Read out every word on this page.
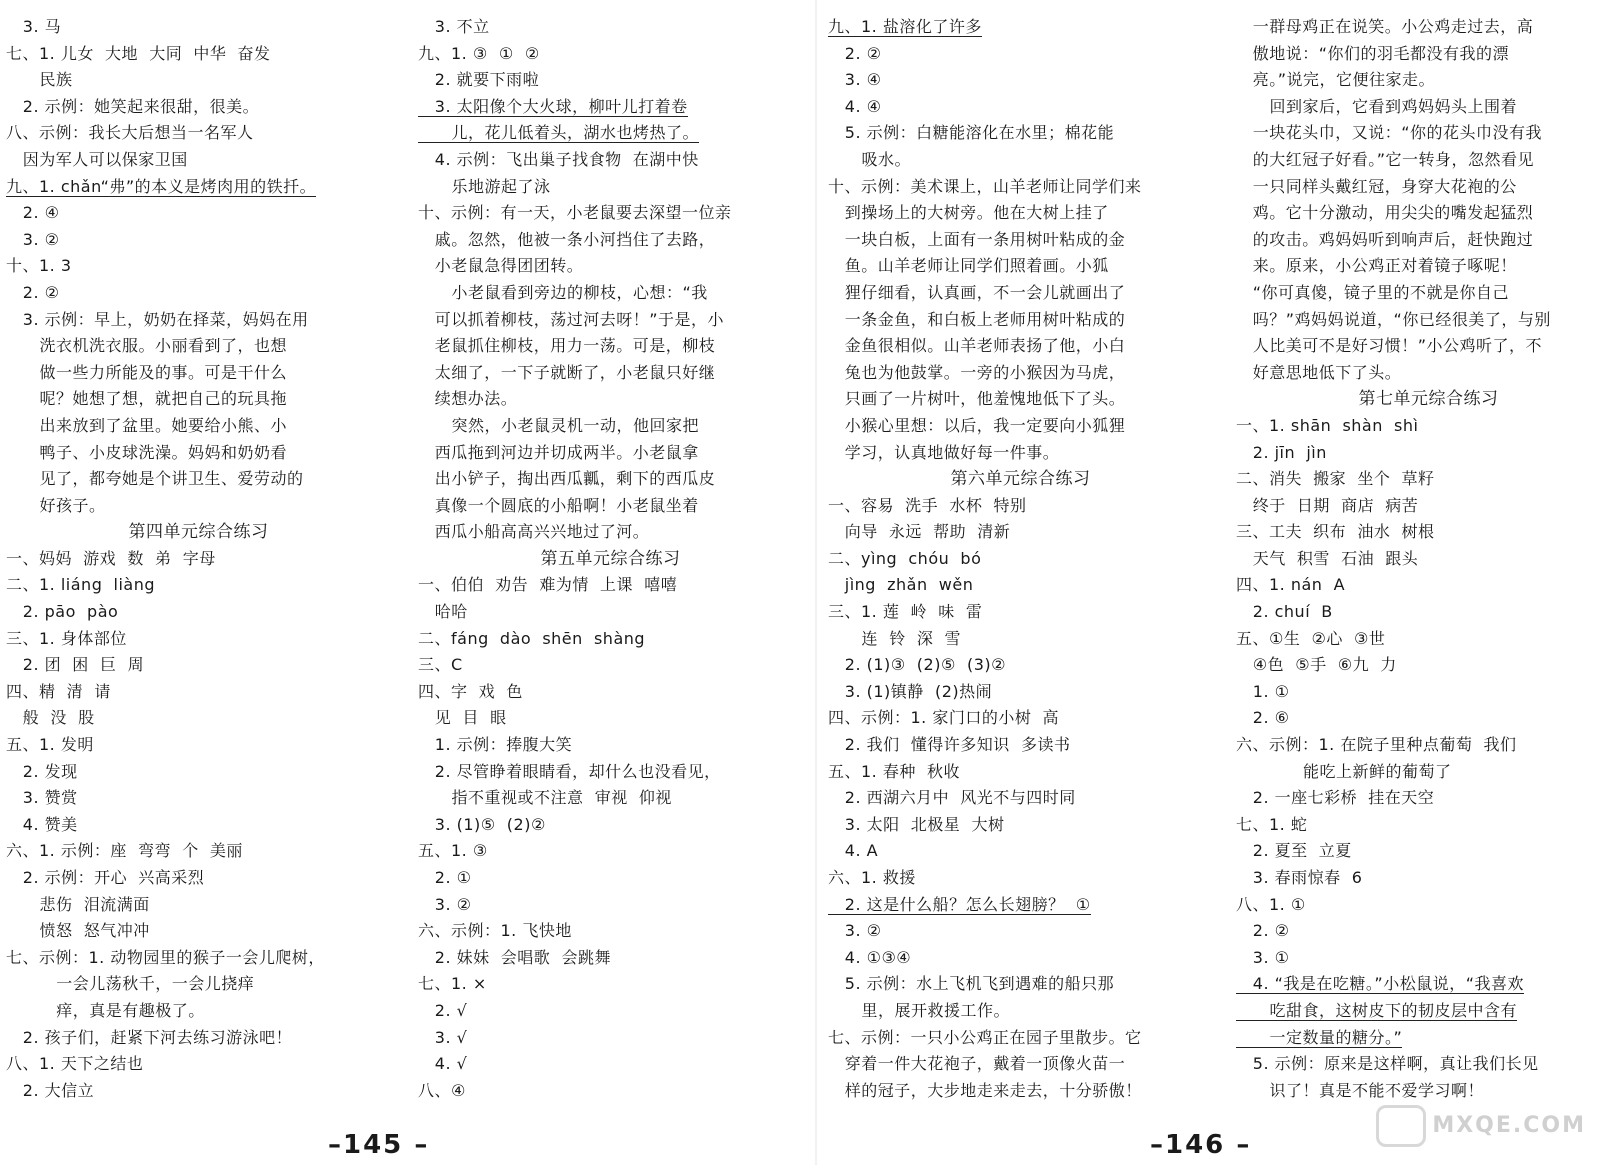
3. 马
七、1. 儿女  大地  大同  中华  奋发
民族
2. 示例：她笑起来很甜，很美。
八、示例：我长大后想当一名军人
因为军人可以保家卫国
九、1. chǎn“弗”的本义是烤肉用的铁扦。
2. ④
3. ②
十、1. 3
2. ②
3. 示例：早上，奶奶在择菜，妈妈在用
洗衣机洗衣服。小丽看到了，也想
做一些力所能及的事。可是干什么
呢？她想了想，就把自己的玩具拖
出来放到了盆里。她要给小熊、小
鸭子、小皮球洗澡。妈妈和奶奶看
见了，都夸她是个讲卫生、爱劳动的
好孩子。
第四单元综合练习
一、妈妈  游戏  数  弟  字母
二、1. liáng  liàng
2. pāo  pào
三、1. 身体部位
2. 团  困  巨  周
四、精  清  请
般  没  股
五、1. 发明
2. 发现
3. 赞赏
4. 赞美
六、1. 示例：座  弯弯  个  美丽
2. 示例：开心  兴高采烈
悲伤  泪流满面
愤怒  怒气冲冲
七、示例：1. 动物园里的猴子一会儿爬树，
一会儿荡秋千，一会儿挠痒
痒，真是有趣极了。
2. 孩子们，赶紧下河去练习游泳吧！
八、1. 天下之结也
2. 大信立
3. 不立
九、1. ③  ①  ②
2. 就要下雨啦
3. 太阳像个大火球，柳叶儿打着卷
儿，花儿低着头，湖水也烤热了。
4. 示例：飞出巢子找食物  在湖中快
乐地游起了泳
十、示例：有一天，小老鼠要去深望一位亲
戚。忽然，他被一条小河挡住了去路，
小老鼠急得团团转。
小老鼠看到旁边的柳枝，心想：“我
可以抓着柳枝，荡过河去呀！”于是，小
老鼠抓住柳枝，用力一荡。可是，柳枝
太细了，一下子就断了，小老鼠只好继
续想办法。
突然，小老鼠灵机一动，他回家把
西瓜拖到河边并切成两半。小老鼠拿
出小铲子，掏出西瓜瓤，剩下的西瓜皮
真像一个圆底的小船啊！小老鼠坐着
西瓜小船高高兴兴地过了河。
第五单元综合练习
一、伯伯  劝告  难为情  上课  嘻嘻
哈哈
二、fáng  dào  shēn  shàng
三、C
四、字  戏  色
见  目  眼
1. 示例：捧腹大笑
2. 尽管睁着眼睛看，却什么也没看见，
指不重视或不注意  审视  仰视
3. (1)⑤  (2)②
五、1. ③
2. ①
3. ②
六、示例：1. 飞快地
2. 妹妹  会唱歌  会跳舞
七、1. ×
2. √
3. √
4. √
八、④
九、1. 盐溶化了许多
2. ②
3. ④
4. ④
5. 示例：白糖能溶化在水里；棉花能
吸水。
十、示例：美术课上，山羊老师让同学们来
到操场上的大树旁。他在大树上挂了
一块白板，上面有一条用树叶粘成的金
鱼。山羊老师让同学们照着画。小狐
狸仔细看，认真画，不一会儿就画出了
一条金鱼，和白板上老师用树叶粘成的
金鱼很相似。山羊老师表扬了他，小白
兔也为他鼓掌。一旁的小猴因为马虎，
只画了一片树叶，他羞愧地低下了头。
小猴心里想：以后，我一定要向小狐狸
学习，认真地做好每一件事。
第六单元综合练习
一、容易  洗手  水杯  特别
向导  永远  帮助  清新
二、yìng  chóu  bó
jìng  zhǎn  wěn
三、1. 莲  岭  味  雷
连  铃  深  雪
2. (1)③  (2)⑤  (3)②
3. (1)镇静  (2)热闹
四、示例：1. 家门口的小树  高
2. 我们  懂得许多知识  多读书
五、1. 春种  秋收
2. 西湖六月中  风光不与四时同
3. 太阳  北极星  大树
4. A
六、1. 救援
2. 这是什么船？怎么长翅膀？  ①
3. ②
4. ①③④
5. 示例：水上飞机飞到遇难的船只那
里，展开救援工作。
七、示例：一只小公鸡正在园子里散步。它
穿着一件大花袍子，戴着一顶像火苗一
样的冠子，大步地走来走去，十分骄傲！
一群母鸡正在说笑。小公鸡走过去，高
傲地说：“你们的羽毛都没有我的漂
亮。”说完，它便往家走。
回到家后，它看到鸡妈妈头上围着
一块花头巾，又说：“你的花头巾没有我
的大红冠子好看。”它一转身，忽然看见
一只同样头戴红冠，身穿大花袍的公
鸡。它十分激动，用尖尖的嘴发起猛烈
的攻击。鸡妈妈听到响声后，赶快跑过
来。原来，小公鸡正对着镜子啄呢！
“你可真傻，镜子里的不就是你自己
吗？”鸡妈妈说道，“你已经很美了，与别
人比美可不是好习惯！”小公鸡听了，不
好意思地低下了头。
第七单元综合练习
一、1. shān  shàn  shì
2. jīn  jìn
二、消失  搬家  坐个  草籽
终于  日期  商店  病苦
三、工夫  织布  油水  树根
天气  积雪  石油  跟头
四、1. nán  A
2. chuí  B
五、①生  ②心  ③世
④色  ⑤手  ⑥九  力
1. ①
2. ⑥
六、示例：1. 在院子里种点葡萄  我们
能吃上新鲜的葡萄了
2. 一座七彩桥  挂在天空
七、1. 蛇
2. 夏至  立夏
3. 春雨惊春  6
八、1. ①
2. ②
3. ①
4. “我是在吃糖。”小松鼠说，“我喜欢
吃甜食，这树皮下的韧皮层中含有
一定数量的糖分。”
5. 示例：原来是这样啊，真让我们长见
识了！真是不能不爱学习啊！
–145 –	–146 –
MXQE.COM
